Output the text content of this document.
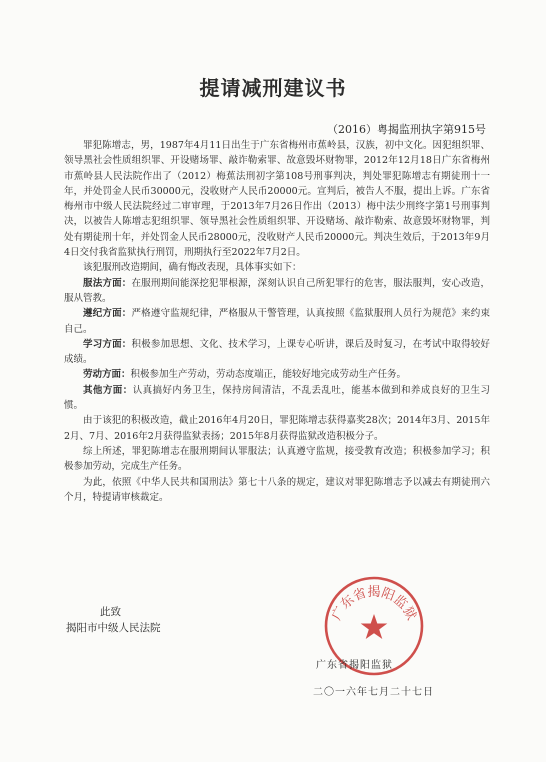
提请减刑建议书
（2016）粤揭监刑执字第915号

罪犯陈增志，男，1987年4月11日出生于广东省梅州市蕉岭县，汉族，初中文化。因犯组织罪、领导黑社会性质组织罪、开设赌场罪、敲诈勒索罪、故意毁坏财物罪，2012年12月18日广东省梅州市蕉岭县人民法院作出了（2012）梅蕉法刑初字第108号刑事判决，判处罪犯陈增志有期徒刑十一年，并处罚金人民币30000元，没收财产人民币20000元。宣判后，被告人不服，提出上诉。广东省梅州市中级人民法院经过二审审理，于2013年7月26日作出（2013）梅中法少刑终字第1号刑事判决，以被告人陈增志犯组织罪、领导黑社会性质组织罪、开设赌场、敲诈勒索、故意毁坏财物罪，判处有期徒刑十年，并处罚金人民币28000元，没收财产人民币20000元。判决生效后，于2013年9月4日交付我省监狱执行刑罚，刑期执行至2022年7月2日。

该犯服刑改造期间，确有悔改表现，具体事实如下：

服法方面：在服刑期间能深挖犯罪根源，深刻认识自己所犯罪行的危害，服法服判，安心改造，服从管教。

遵纪方面：严格遵守监规纪律，严格服从干警管理，认真按照《监狱服刑人员行为规范》来约束自己。

学习方面：积极参加思想、文化、技术学习，上课专心听讲，课后及时复习，在考试中取得较好成绩。

劳动方面：积极参加生产劳动，劳动态度端正，能较好地完成劳动生产任务。

其他方面：认真搞好内务卫生，保持房间清洁，不乱丢乱吐，能基本做到和养成良好的卫生习惯。

由于该犯的积极改造，截止2016年4月20日，罪犯陈增志获得嘉奖28次；2014年3月、2015年2月、7月、2016年2月获得监狱表扬；2015年8月获得监狱改造积极分子。

综上所述，罪犯陈增志在服刑期间认罪服法；认真遵守监规，接受教育改造；积极参加学习；积极参加劳动，完成生产任务。

为此，依照《中华人民共和国刑法》第七十八条的规定，建议对罪犯陈增志予以减去有期徒刑六个月，特提请审核裁定。

此致
揭阳市中级人民法院
广东省揭阳监狱
广东省揭阳监狱
二〇一六年七月二十七日
